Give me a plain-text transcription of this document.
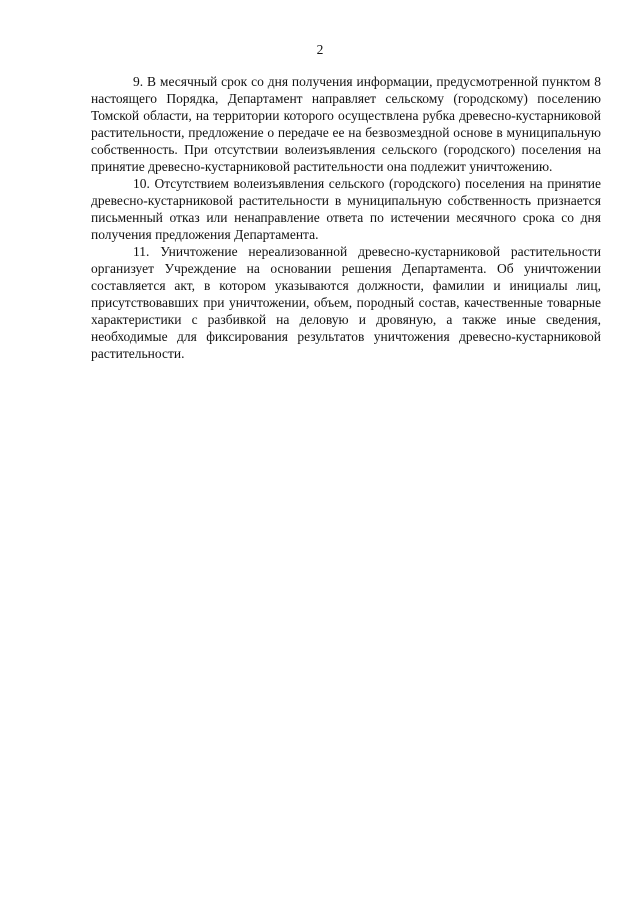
2

9. В месячный срок со дня получения информации, предусмотренной пунктом 8 настоящего Порядка, Департамент направляет сельскому (городскому) поселению Томской области, на территории которого осуществлена рубка древесно-кустарниковой растительности, предложение о передаче ее на безвозмездной основе в муниципальную собственность. При отсутствии волеизъявления сельского (городского) поселения на принятие древесно-кустарниковой растительности она подлежит уничтожению.

10. Отсутствием волеизъявления сельского (городского) поселения на принятие древесно-кустарниковой растительности в муниципальную собственность признается письменный отказ или ненаправление ответа по истечении месячного срока со дня получения предложения Департамента.

11. Уничтожение нереализованной древесно-кустарниковой растительности организует Учреждение на основании решения Департамента. Об уничтожении составляется акт, в котором указываются должности, фамилии и инициалы лиц, присутствовавших при уничтожении, объем, породный состав, качественные товарные характеристики с разбивкой на деловую и дровяную, а также иные сведения, необходимые для фиксирования результатов уничтожения древесно-кустарниковой растительности.
